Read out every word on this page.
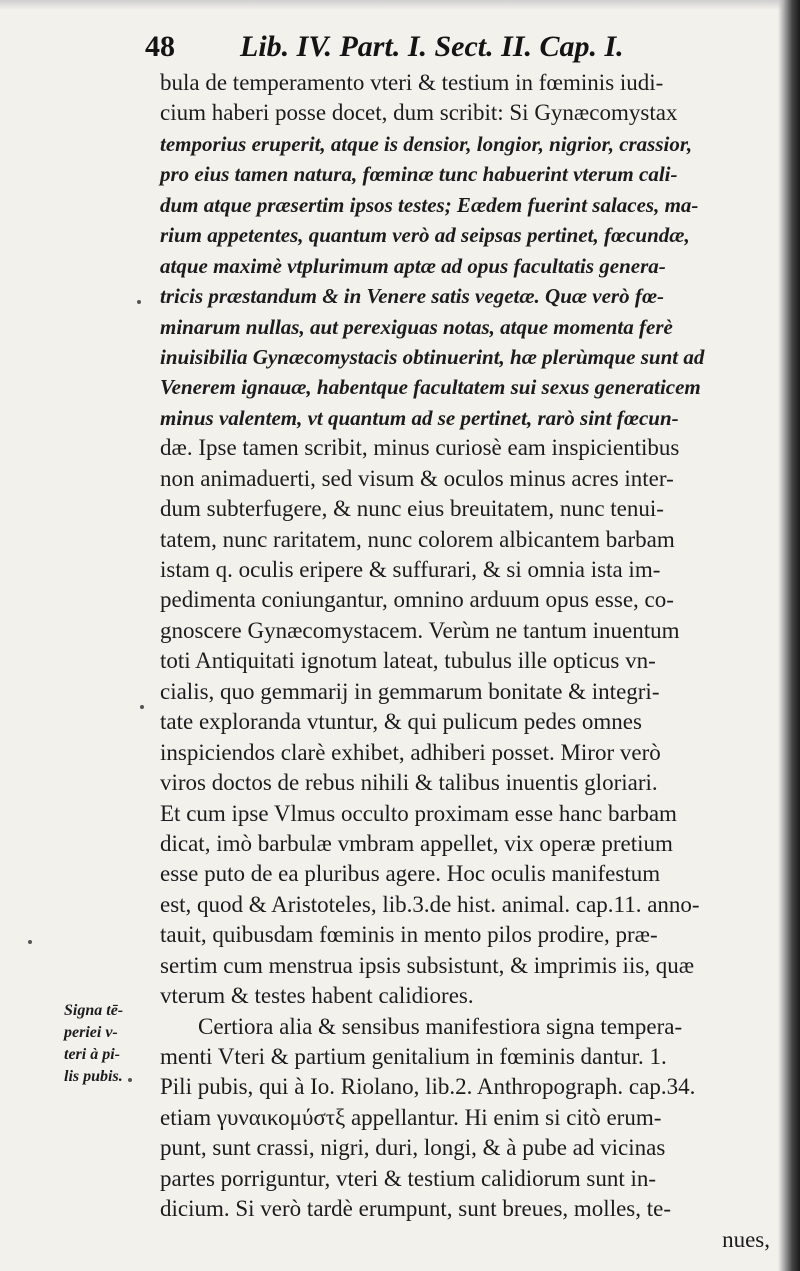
48 Lib. IV. Part. I. Sect. II. Cap. I.
bula de temperamento vteri & testium in fœminis iudi-
cium haberi posse docet, dum scribit: Si Gynæcomystax
temporius eruperit, atque is densior, longior, nigrior, crassior,
pro eius tamen natura, fœminæ tunc habuerint vterum cali-
dum atque præsertim ipsos testes; Eædem fuerint salaces, ma-
rium appetentes, quantum verò ad seipsas pertinet, fœcundæ,
atque maximè vtplurimum aptæ ad opus facultatis genera-
tricis præstandum & in Venere satis vegetæ. Quæ verò fœ-
minarum nullas, aut perexiguas notas, atque momenta ferè
inuisibilia Gynæcomystacis obtinuerint, hæ plerùmque sunt ad
Venerem ignauæ, habentque facultatem sui sexus generaticem
minus valentem, vt quantum ad se pertinet, rarò sint fœcun-
dæ. Ipse tamen scribit, minus curiosè eam inspicientibus
non animaduerti, sed visum & oculos minus acres inter-
dum subterfugere, & nunc eius breuitatem, nunc tenui-
tatem, nunc raritatem, nunc colorem albicantem barbam
istam q. oculis eripere & suffurari, & si omnia ista im-
pedimenta coniungantur, omnino arduum opus esse, co-
gnoscere Gynæcomystacem. Verùm ne tantum inuentum
toti Antiquitati ignotum lateat, tubulus ille opticus vn-
cialis, quo gemmarij in gemmarum bonitate & integri-
tate exploranda vtuntur, & qui pulicum pedes omnes
inspiciendos clarè exhibet, adhiberi posset. Miror verò
viros doctos de rebus nihili & talibus inuentis gloriari.
Et cum ipse Vlmus occulto proximam esse hanc barbam
dicat, imò barbulæ vmbram appellet, vix operæ pretium
esse puto de ea pluribus agere. Hoc oculis manifestum
est, quod & Aristoteles, lib.3.de hist. animal. cap.11. anno-
tauit, quibusdam fœminis in mento pilos prodire, præ-
sertim cum menstrua ipsis subsistunt, & imprimis iis, quæ
vterum & testes habent calidiores.
Certiora alia & sensibus manifestiora signa tempera-
menti Vteri & partium genitalium in fœminis dantur. 1.
Pili pubis, qui à Io. Riolano, lib.2. Anthropograph. cap.34.
etiam γυναικομύστξ appellantur. Hi enim si citò erum-
punt, sunt crassi, nigri, duri, longi, & à pube ad vicinas
partes porriguntur, vteri & testium calidiorum sunt in-
dicium. Si verò tardè erumpunt, sunt breues, molles, te-
nues,
Signa tē-
periei v-
teri à pi-
lis pubis.
